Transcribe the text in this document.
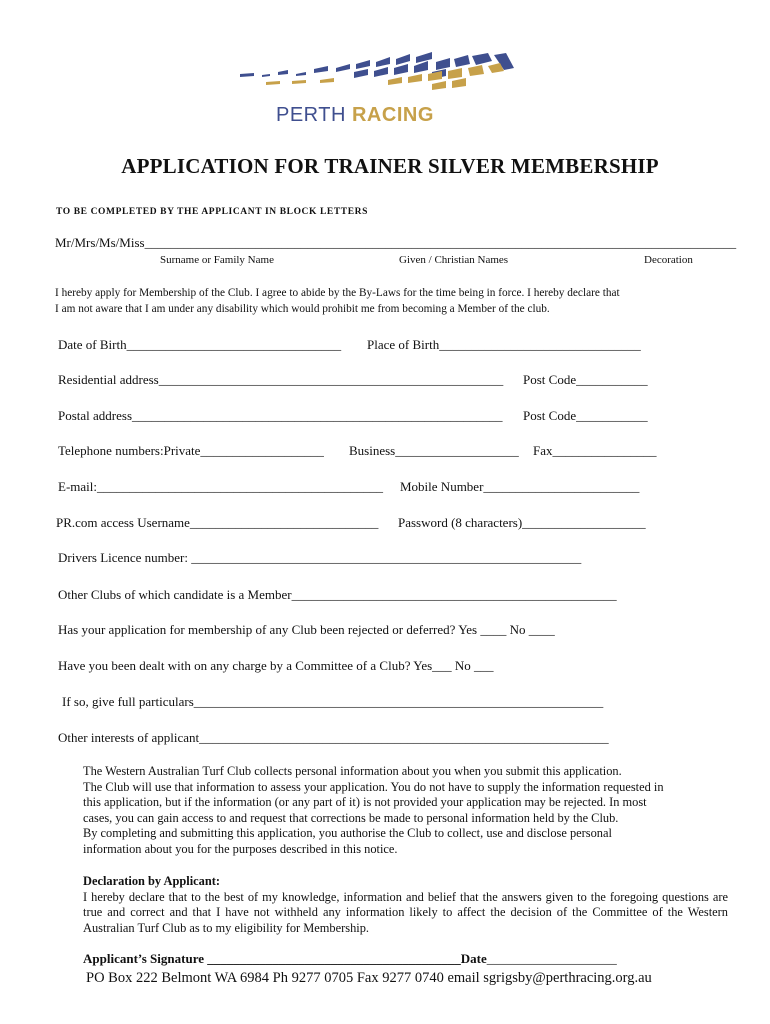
PERTH RACING
APPLICATION FOR TRAINER SILVER MEMBERSHIP
TO BE COMPLETED BY THE APPLICANT IN BLOCK LETTERS
Mr/Mrs/Ms/Miss___________________________________________________________________________________________
Surname or Family Name	Given / Christian Names	Decoration
I hereby apply for Membership of the Club. I agree to abide by the By-Laws for the time being in force. I hereby declare that
I am not aware that I am under any disability which would prohibit me from becoming a Member of the club.
Date of Birth_________________________________ Place of Birth_______________________________
Residential address_____________________________________________________ Post Code___________
Postal address_________________________________________________________ Post Code___________
Telephone numbers:Private___________________ Business___________________ Fax________________
E-mail:____________________________________________ Mobile Number________________________
PR.com access Username_____________________________ Password (8 characters)___________________
Drivers Licence number: ____________________________________________________________
Other Clubs of which candidate is a Member__________________________________________________
Has your application for membership of any Club been rejected or deferred? Yes ____ No ____
Have you been dealt with on any charge by a Committee of a Club? Yes___ No ___
If so, give full particulars_______________________________________________________________
Other interests of applicant_______________________________________________________________

The Western Australian Turf Club collects personal information about you when you submit this application.

The Club will use that information to assess your application. You do not have to supply the information requested in

this application, but if the information (or any part of it) is not provided your application may be rejected. In most

cases, you can gain access to and request that corrections be made to personal information held by the Club.

By completing and submitting this application, you authorise the Club to collect, use and disclose personal

information about you for the purposes described in this notice.

Declaration by Applicant:

I hereby declare that to the best of my knowledge, information and belief that the answers given to the foregoing questions are true and correct and that I have not withheld any information likely to affect the decision of the Committee of the Western Australian Turf Club as to my eligibility for Membership.

Applicant’s Signature _______________________________________Date____________________
PO Box 222 Belmont WA 6984 Ph 9277 0705 Fax 9277 0740 email sgrigsby@perthracing.org.au
